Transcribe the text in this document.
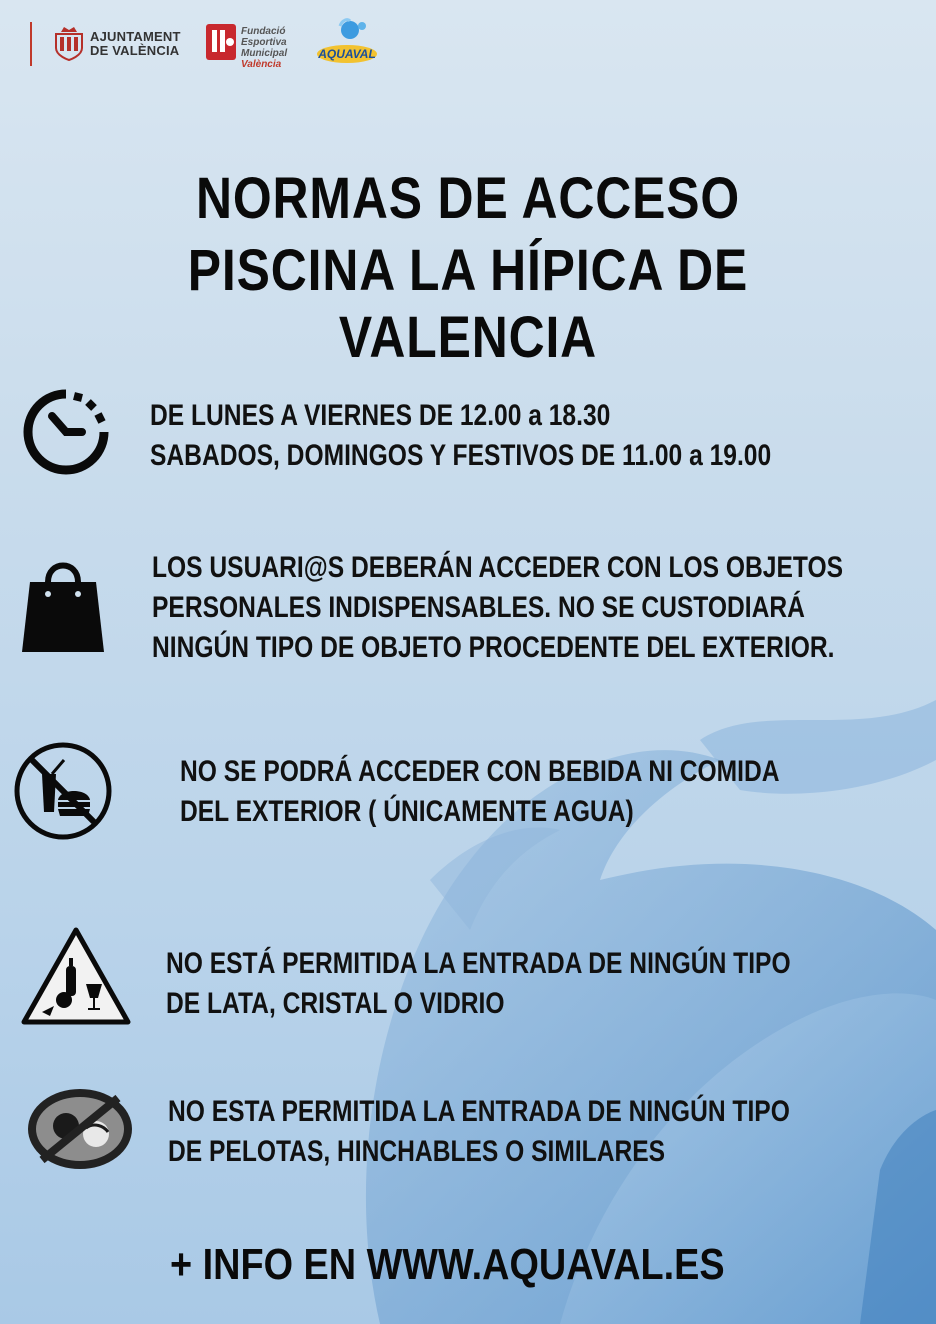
AJUNTAMENT
DE VALÈNCIA
Fundació
Esportiva
Municipal
València
AQUAVAL
NORMAS DE ACCESO
PISCINA LA HÍPICA DE VALENCIA
DE LUNES A VIERNES DE 12.00 a 18.30
SABADOS, DOMINGOS Y FESTIVOS DE 11.00 a 19.00
LOS USUARI@S DEBERÁN ACCEDER CON LOS OBJETOS
PERSONALES INDISPENSABLES. NO SE CUSTODIARÁ
NINGÚN TIPO DE OBJETO PROCEDENTE DEL EXTERIOR.
NO SE PODRÁ ACCEDER CON BEBIDA NI COMIDA
DEL EXTERIOR ( ÚNICAMENTE AGUA)
NO ESTÁ PERMITIDA LA ENTRADA DE NINGÚN TIPO
DE LATA, CRISTAL O VIDRIO
NO ESTA PERMITIDA LA ENTRADA DE NINGÚN TIPO
DE PELOTAS, HINCHABLES O SIMILARES
+ INFO EN WWW.AQUAVAL.ES
